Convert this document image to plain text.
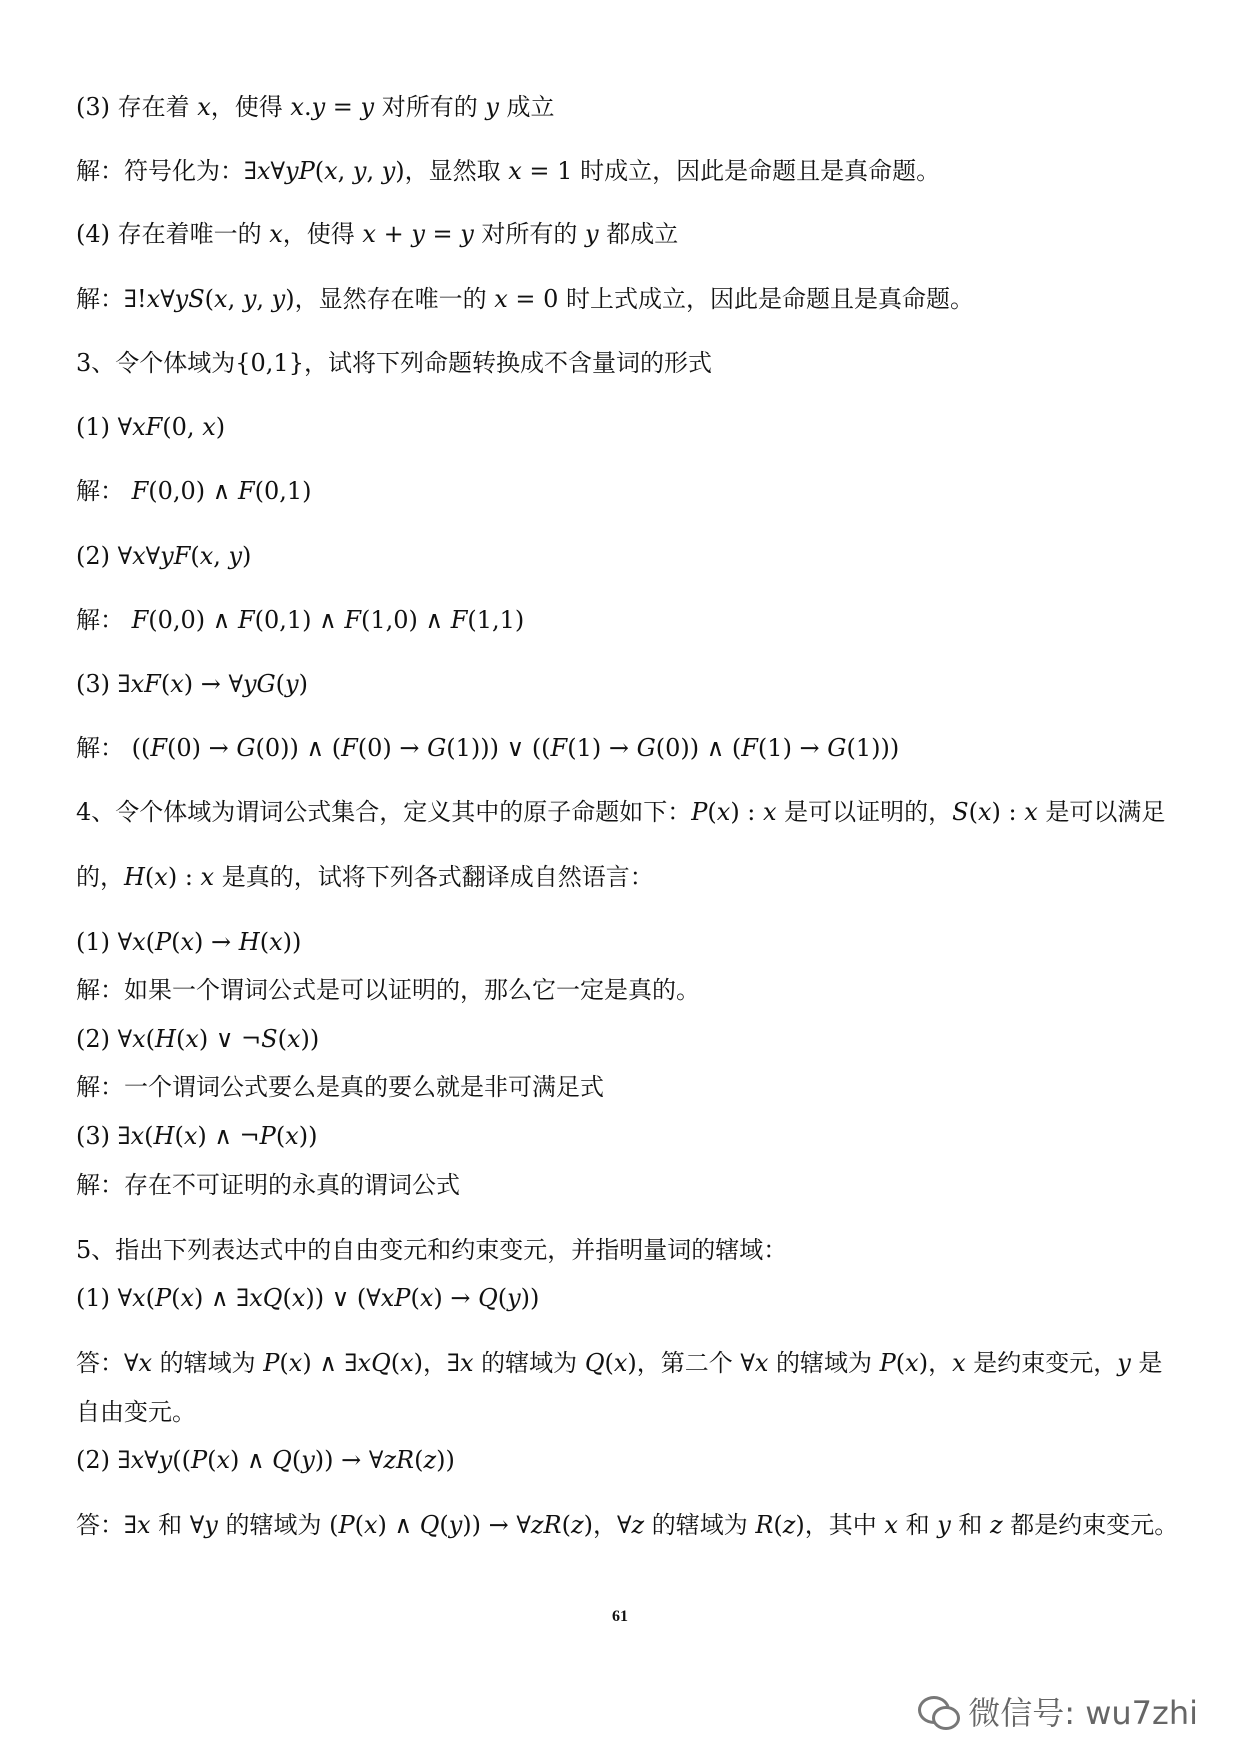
(3) 存在着 𝑥，使得 𝑥.𝑦 = 𝑦 对所有的 𝑦 成立
解：符号化为：∃𝑥∀𝑦𝑃(𝑥, 𝑦, 𝑦)，显然取 𝑥 = 1 时成立，因此是命题且是真命题。
(4) 存在着唯一的 𝑥，使得 𝑥 + 𝑦 = 𝑦 对所有的 𝑦 都成立
解：∃!𝑥∀𝑦𝑆(𝑥, 𝑦, 𝑦)，显然存在唯一的 𝑥 = 0 时上式成立，因此是命题且是真命题。
3、令个体域为{0,1}，试将下列命题转换成不含量词的形式
(1) ∀𝑥𝐹(0, 𝑥)
解： 𝐹(0,0) ∧ 𝐹(0,1)
(2) ∀𝑥∀𝑦𝐹(𝑥, 𝑦)
解： 𝐹(0,0) ∧ 𝐹(0,1) ∧ 𝐹(1,0) ∧ 𝐹(1,1)
(3) ∃𝑥𝐹(𝑥) → ∀𝑦𝐺(𝑦)
解： ((𝐹(0) → 𝐺(0)) ∧ (𝐹(0) → 𝐺(1))) ∨ ((𝐹(1) → 𝐺(0)) ∧ (𝐹(1) → 𝐺(1)))
4、令个体域为谓词公式集合，定义其中的原子命题如下：𝑃(𝑥) : 𝑥 是可以证明的，𝑆(𝑥) : 𝑥 是可以满足
的，𝐻(𝑥) : 𝑥 是真的，试将下列各式翻译成自然语言：
(1) ∀𝑥(𝑃(𝑥) → 𝐻(𝑥))
解：如果一个谓词公式是可以证明的，那么它一定是真的。
(2) ∀𝑥(𝐻(𝑥) ∨ ¬𝑆(𝑥))
解：一个谓词公式要么是真的要么就是非可满足式
(3) ∃𝑥(𝐻(𝑥) ∧ ¬𝑃(𝑥))
解：存在不可证明的永真的谓词公式
5、指出下列表达式中的自由变元和约束变元，并指明量词的辖域：
(1) ∀𝑥(𝑃(𝑥) ∧ ∃𝑥𝑄(𝑥)) ∨ (∀𝑥𝑃(𝑥) → 𝑄(𝑦))
答：∀𝑥 的辖域为 𝑃(𝑥) ∧ ∃𝑥𝑄(𝑥)，∃𝑥 的辖域为 𝑄(𝑥)，第二个 ∀𝑥 的辖域为 𝑃(𝑥)，𝑥 是约束变元，𝑦 是
自由变元。
(2) ∃𝑥∀𝑦((𝑃(𝑥) ∧ 𝑄(𝑦)) → ∀𝑧𝑅(𝑧))
答：∃𝑥 和 ∀𝑦 的辖域为 (𝑃(𝑥) ∧ 𝑄(𝑦)) → ∀𝑧𝑅(𝑧)，∀𝑧 的辖域为 𝑅(𝑧)，其中 𝑥 和 𝑦 和 𝑧 都是约束变元。
61
微信号: wu7zhi
